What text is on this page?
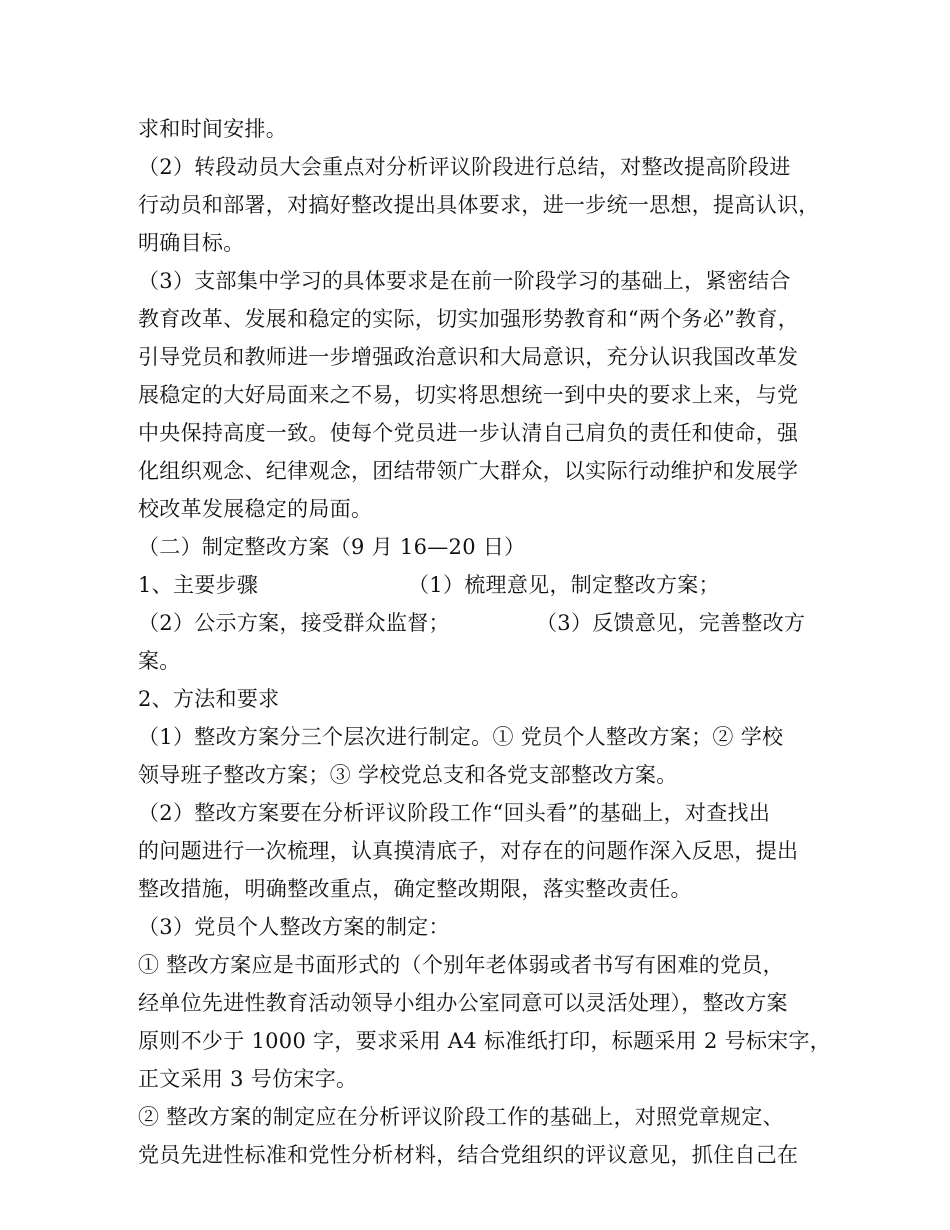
求和时间安排。
（2）转段动员大会重点对分析评议阶段进行总结，对整改提高阶段进
行动员和部署，对搞好整改提出具体要求，进一步统一思想，提高认识，
明确目标。
（3）支部集中学习的具体要求是在前一阶段学习的基础上，紧密结合
教育改革、发展和稳定的实际，切实加强形势教育和“两个务必”教育，
引导党员和教师进一步增强政治意识和大局意识，充分认识我国改革发
展稳定的大好局面来之不易，切实将思想统一到中央的要求上来，与党
中央保持高度一致。使每个党员进一步认清自己肩负的责任和使命，强
化组织观念、纪律观念，团结带领广大群众，以实际行动维护和发展学
校改革发展稳定的局面。
（二）制定整改方案（9 月 16—20 日）
1、主要步骤	（1）梳理意见，制定整改方案；
（2）公示方案，接受群众监督；	（3）反馈意见，完善整改方
案。
2、方法和要求
（1）整改方案分三个层次进行制定。① 党员个人整改方案；② 学校
领导班子整改方案；③ 学校党总支和各党支部整改方案。
（2）整改方案要在分析评议阶段工作“回头看”的基础上，对查找出
的问题进行一次梳理，认真摸清底子，对存在的问题作深入反思，提出
整改措施，明确整改重点，确定整改期限，落实整改责任。
（3）党员个人整改方案的制定：
① 整改方案应是书面形式的（个别年老体弱或者书写有困难的党员，
经单位先进性教育活动领导小组办公室同意可以灵活处理），整改方案
原则不少于 1000 字，要求采用 A4 标准纸打印，标题采用 2 号标宋字，
正文采用 3 号仿宋字。
② 整改方案的制定应在分析评议阶段工作的基础上，对照党章规定、
党员先进性标准和党性分析材料，结合党组织的评议意见，抓住自己在
